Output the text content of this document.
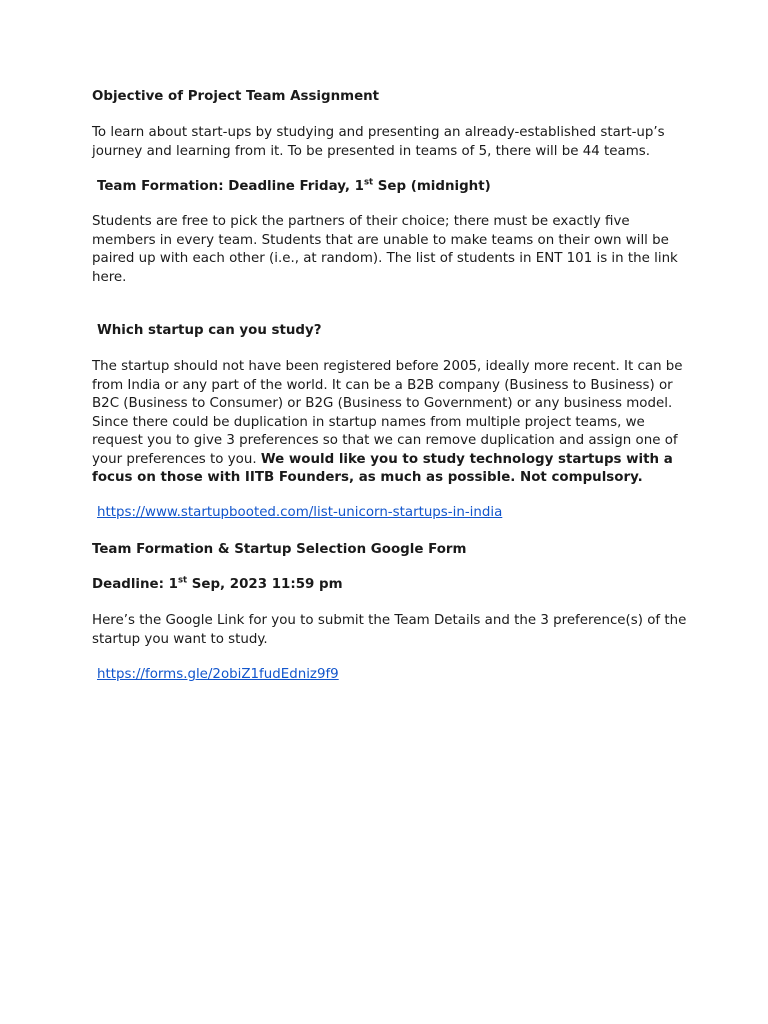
Objective of Project Team Assignment

To learn about start-ups by studying and presenting an already-established start-up’s journey and learning from it. To be presented in teams of 5, there will be 44 teams.

Team Formation: Deadline Friday, 1st Sep (midnight)

Students are free to pick the partners of their choice; there must be exactly five members in every team. Students that are unable to make teams on their own will be paired up with each other (i.e., at random). The list of students in ENT 101 is in the link here.

Which startup can you study?

The startup should not have been registered before 2005, ideally more recent. It can be from India or any part of the world. It can be a B2B company (Business to Business) or B2C (Business to Consumer) or B2G (Business to Government) or any business model. Since there could be duplication in startup names from multiple project teams, we request you to give 3 preferences so that we can remove duplication and assign one of your preferences to you. We would like you to study technology startups with a focus on those with IITB Founders, as much as possible. Not compulsory.

https://www.startupbooted.com/list-unicorn-startups-in-india

Team Formation & Startup Selection Google Form

Deadline: 1st Sep, 2023 11:59 pm

Here’s the Google Link for you to submit the Team Details and the 3 preference(s) of the startup you want to study.

https://forms.gle/2obiZ1fudEdniz9f9
